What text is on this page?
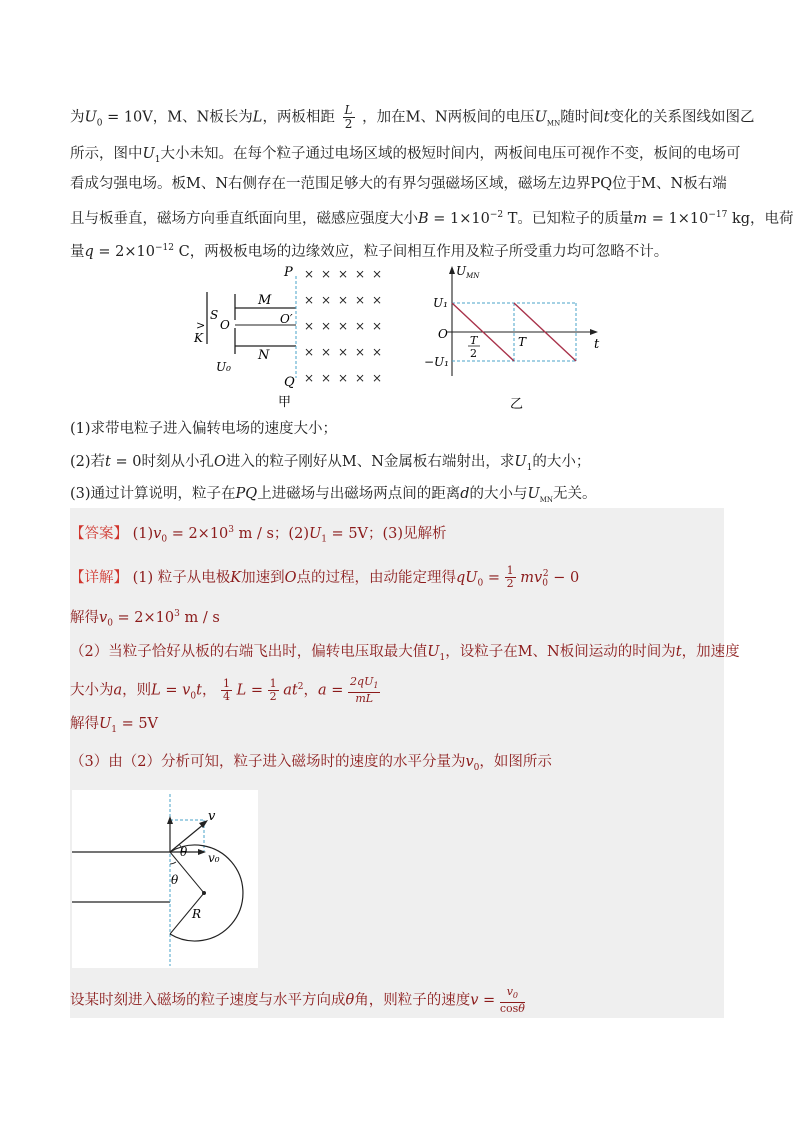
为$U_0 = 10V$，M、N板长为L，两板相距 $\frac{L}{2}$ ，加在M、N两板间的电压$U_{MN}$随时间t变化的关系图线如图乙
所示，图中$U_1$大小未知。在每个粒子通过电场区域的极短时间内，两板间电压可视作不变，板间的电场可
看成匀强电场。板M、N右侧存在一范围足够大的有界匀强磁场区域，磁场左边界PQ位于M、N板右端
且与板垂直，磁场方向垂直纸面向里，磁感应强度大小$B = 1\times 10^{-2}$ T。已知粒子的质量$m = 1\times 10^{-17}$ kg，电荷
量$q = 2\times 10^{-12}$ C，两极板电场的边缘效应，粒子间相互作用及粒子所受重力均可忽略不计。
P
Q
M
N
O	O′
S
K
>
U₀
甲
× × × × ×
× × × × ×
× × × × ×
× × × × ×
× × × × ×
$U_{MN}$
t
U₁
O
−U₁
T
2
T
乙
(1)求带电粒子进入偏转电场的速度大小；
(2)若t = 0时刻从小孔O进入的粒子刚好从M、N金属板右端射出，求$U_1$的大小；
(3)通过计算说明，粒子在PQ上进磁场与出磁场两点间的距离d的大小与$U_{MN}$无关。
【答案】 $(1)v_0 = 2\times 10^3$ m / s；$(2)U_1 = 5V$；(3)见解析
【详解】 (1) 粒子从电极K加速到O点的过程，由动能定理得$qU_0 = \frac{1}{2} mv_0^2 - 0$
解得$v_0 = 2\times 10^3$ m / s
（2）当粒子恰好从板的右端飞出时，偏转电压取最大值$U_1$，设粒子在M、N板间运动的时间为t，加速度
大小为a，则$L = v_0t$， $\frac{1}{4}$ $L = \frac{1}{2} at^2$，$a = \frac{2qU_1}{mL}$
解得$U_1 = 5V$
（3）由（2）分析可知，粒子进入磁场时的速度的水平分量为$v_0$，如图所示
v
v₀
θ
θ
R
设某时刻进入磁场的粒子速度与水平方向成θ角，则粒子的速度$v = \frac{v_0}{\cos\theta}$
